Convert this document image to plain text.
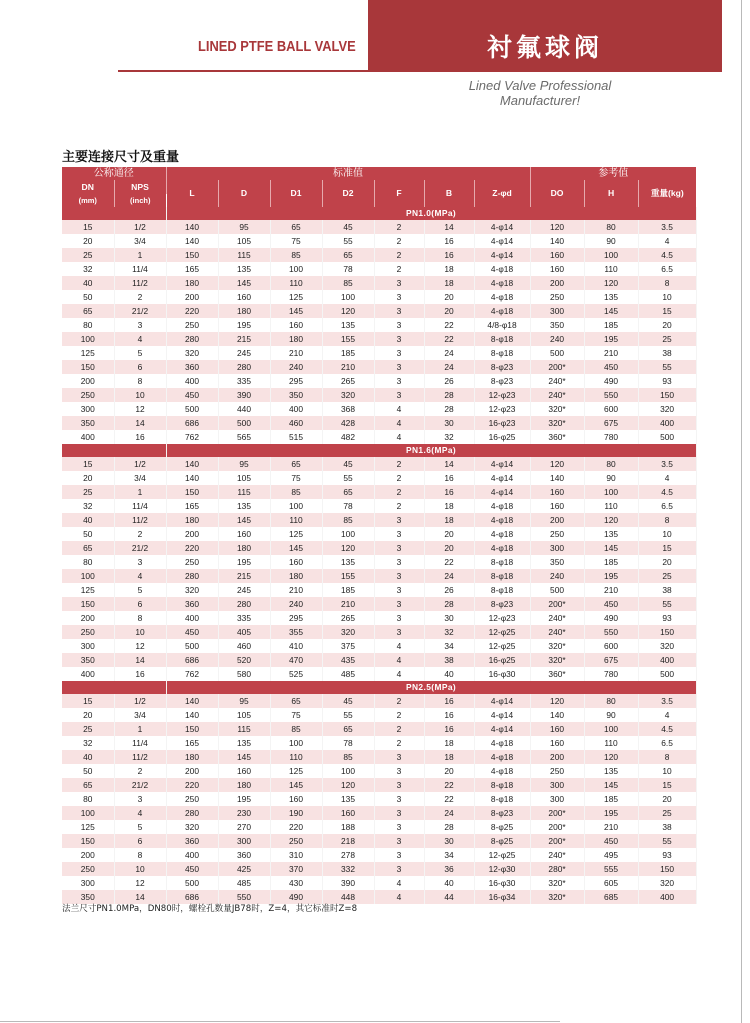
LINED PTFE BALL VALVE	衬氟球阀
Lined Valve Professional
Manufacturer!
主要连接尺寸及重量
公称通径		标准值							参考值		
DN	NPS	L	D	D1	D2	F	B	Z-φd	DO	H	重量(kg)
(mm)	(inch)										
		PN1.0(MPa)									
15	1/2	140	95	65	45	2	14	4-φ14	120	80	3.5
20	3/4	140	105	75	55	2	16	4-φ14	140	90	4
25	1	150	115	85	65	2	16	4-φ14	160	100	4.5
32	11/4	165	135	100	78	2	18	4-φ18	160	110	6.5
40	11/2	180	145	110	85	3	18	4-φ18	200	120	8
50	2	200	160	125	100	3	20	4-φ18	250	135	10
65	21/2	220	180	145	120	3	20	4-φ18	300	145	15
80	3	250	195	160	135	3	22	4/8-φ18	350	185	20
100	4	280	215	180	155	3	22	8-φ18	240	195	25
125	5	320	245	210	185	3	24	8-φ18	500	210	38
150	6	360	280	240	210	3	24	8-φ23	200*	450	55
200	8	400	335	295	265	3	26	8-φ23	240*	490	93
250	10	450	390	350	320	3	28	12-φ23	240*	550	150
300	12	500	440	400	368	4	28	12-φ23	320*	600	320
350	14	686	500	460	428	4	30	16-φ23	320*	675	400
400	16	762	565	515	482	4	32	16-φ25	360*	780	500
		PN1.6(MPa)									
15	1/2	140	95	65	45	2	14	4-φ14	120	80	3.5
20	3/4	140	105	75	55	2	16	4-φ14	140	90	4
25	1	150	115	85	65	2	16	4-φ14	160	100	4.5
32	11/4	165	135	100	78	2	18	4-φ18	160	110	6.5
40	11/2	180	145	110	85	3	18	4-φ18	200	120	8
50	2	200	160	125	100	3	20	4-φ18	250	135	10
65	21/2	220	180	145	120	3	20	4-φ18	300	145	15
80	3	250	195	160	135	3	22	8-φ18	350	185	20
100	4	280	215	180	155	3	24	8-φ18	240	195	25
125	5	320	245	210	185	3	26	8-φ18	500	210	38
150	6	360	280	240	210	3	28	8-φ23	200*	450	55
200	8	400	335	295	265	3	30	12-φ23	240*	490	93
250	10	450	405	355	320	3	32	12-φ25	240*	550	150
300	12	500	460	410	375	4	34	12-φ25	320*	600	320
350	14	686	520	470	435	4	38	16-φ25	320*	675	400
400	16	762	580	525	485	4	40	16-φ30	360*	780	500
		PN2.5(MPa)									
15	1/2	140	95	65	45	2	16	4-φ14	120	80	3.5
20	3/4	140	105	75	55	2	16	4-φ14	140	90	4
25	1	150	115	85	65	2	16	4-φ14	160	100	4.5
32	11/4	165	135	100	78	2	18	4-φ18	160	110	6.5
40	11/2	180	145	110	85	3	18	4-φ18	200	120	8
50	2	200	160	125	100	3	20	4-φ18	250	135	10
65	21/2	220	180	145	120	3	22	8-φ18	300	145	15
80	3	250	195	160	135	3	22	8-φ18	300	185	20
100	4	280	230	190	160	3	24	8-φ23	200*	195	25
125	5	320	270	220	188	3	28	8-φ25	200*	210	38
150	6	360	300	250	218	3	30	8-φ25	200*	450	55
200	8	400	360	310	278	3	34	12-φ25	240*	495	93
250	10	450	425	370	332	3	36	12-φ30	280*	555	150
300	12	500	485	430	390	4	40	16-φ30	320*	605	320
350	14	686	550	490	448	4	44	16-φ34	320*	685	400
法兰尺寸PN1.0MPa，DN80时，螺栓孔数量JB78时，Z=4，其它标准时Z=8
